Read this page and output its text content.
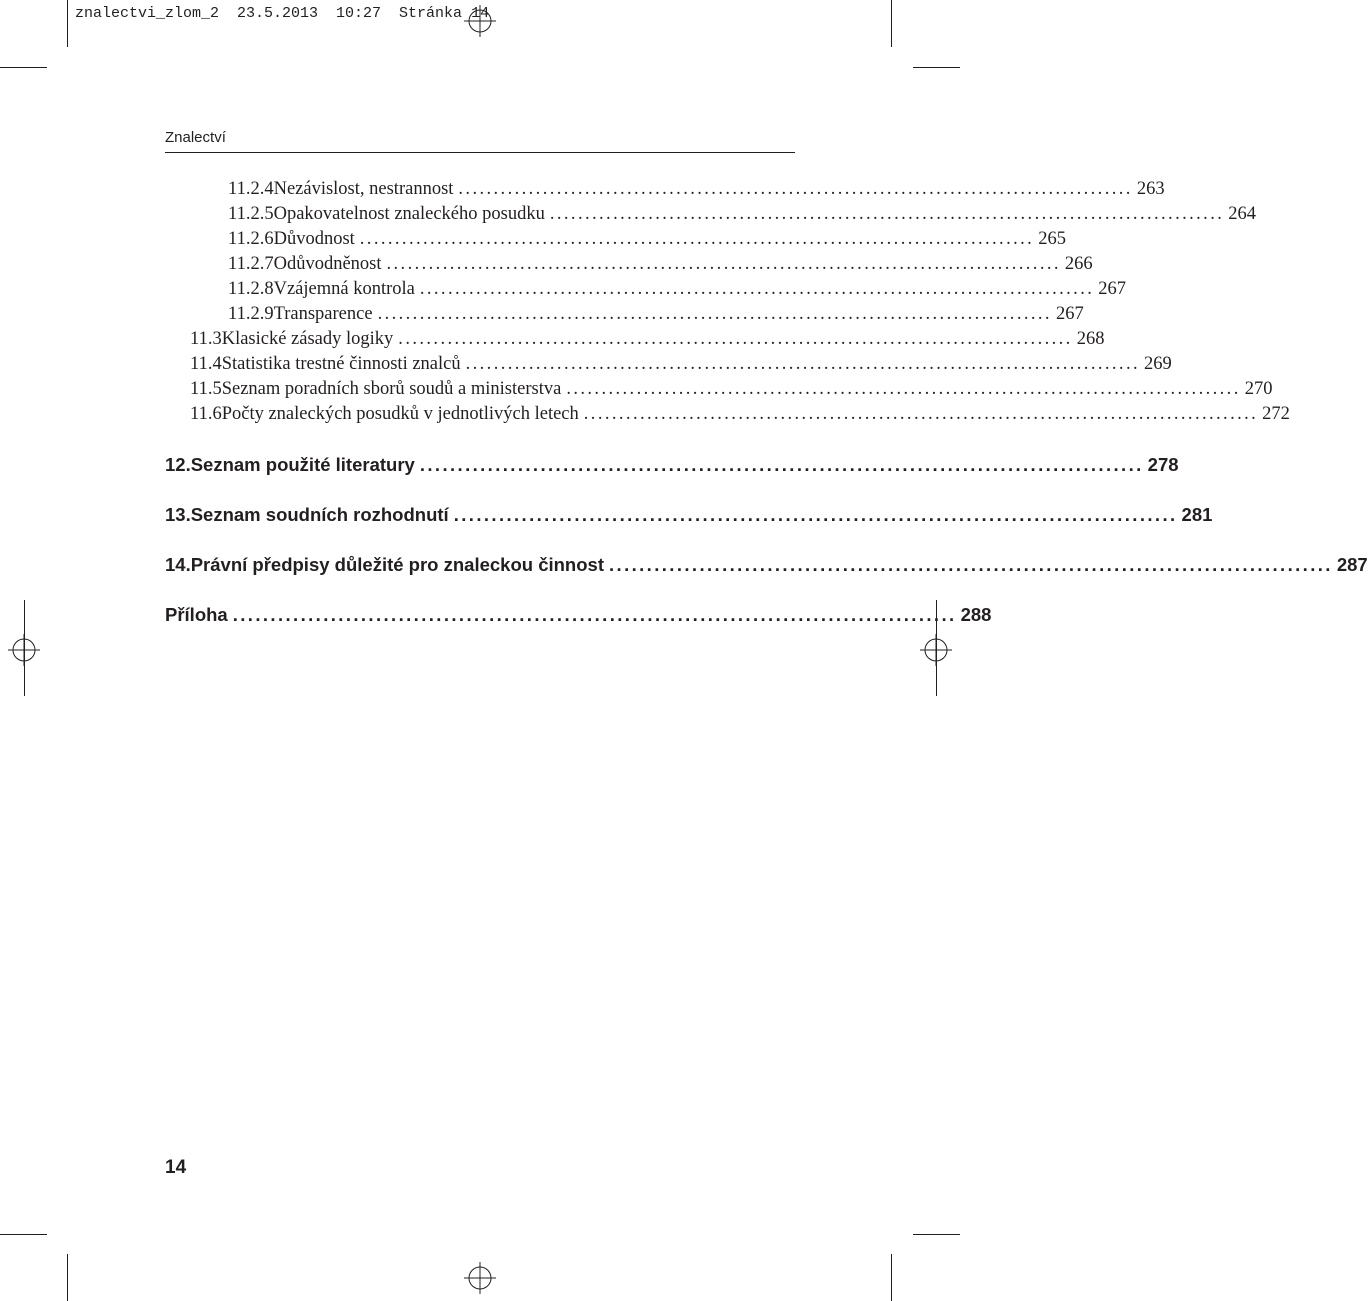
znalectvi_zlom_2  23.5.2013  10:27  Stránka 14
Znalectví
11.2.4 Nezávislost, nestrannost ................................................................................................ 263
11.2.5 Opakovatelnost znaleckého posudku ................................................................................................ 264
11.2.6 Důvodnost ................................................................................................ 265
11.2.7 Odůvodněnost ................................................................................................ 266
11.2.8 Vzájemná kontrola ................................................................................................ 267
11.2.9 Transparence ................................................................................................ 267
11.3 Klasické zásady logiky ................................................................................................ 268
11.4 Statistika trestné činnosti znalců ................................................................................................ 269
11.5 Seznam poradních sborů soudů a ministerstva ................................................................................................ 270
11.6 Počty znaleckých posudků v jednotlivých letech ................................................................................................ 272
12. Seznam použité literatury ................................................................................................ 278
13. Seznam soudních rozhodnutí ................................................................................................ 281
14. Právní předpisy důležité pro znaleckou činnost ................................................................................................ 287
Příloha ................................................................................................ 288
14
